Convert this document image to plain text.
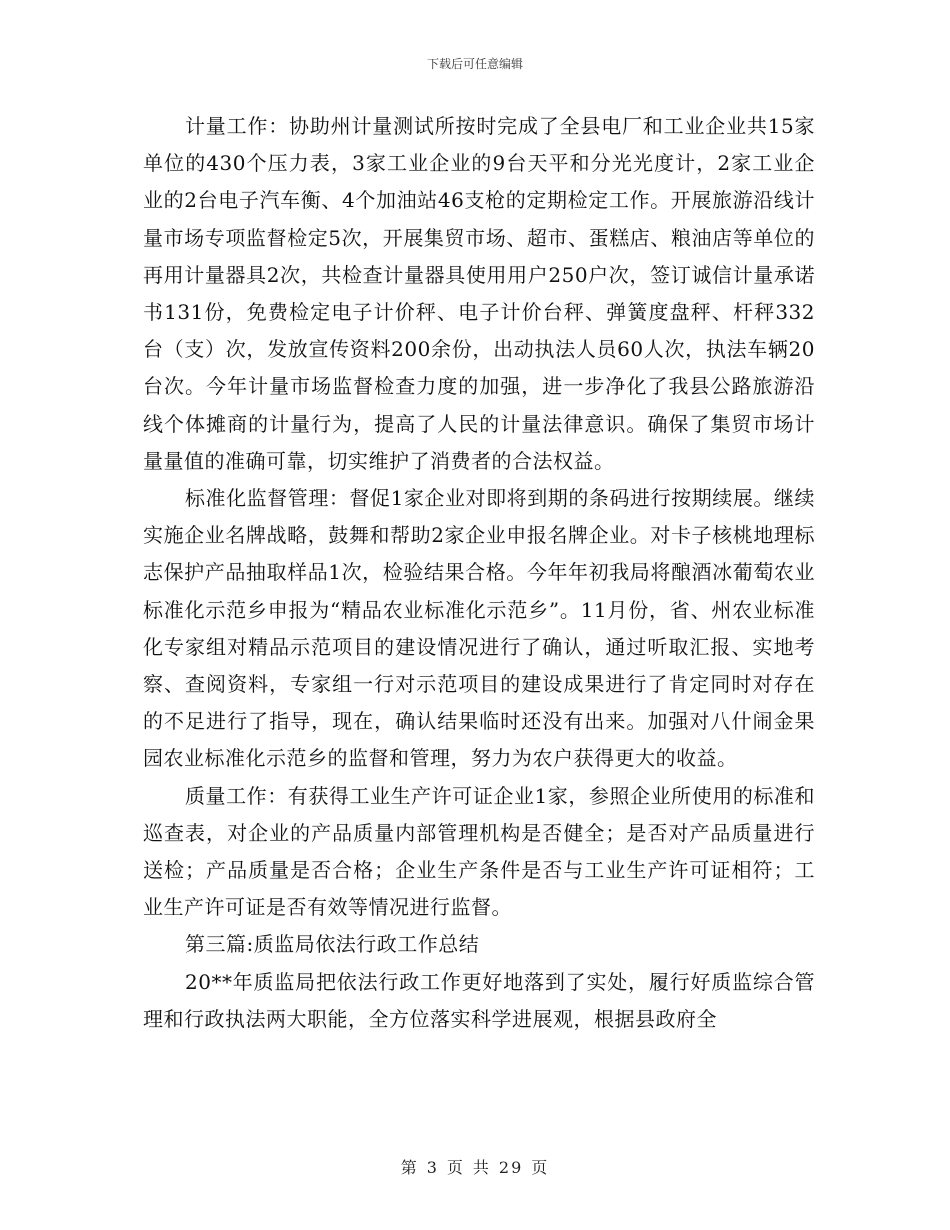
下载后可任意编辑

计量工作：协助州计量测试所按时完成了全县电厂和工业企业共15家单位的430个压力表，3家工业企业的9台天平和分光光度计，2家工业企业的2台电子汽车衡、4个加油站46支枪的定期检定工作。开展旅游沿线计量市场专项监督检定5次，开展集贸市场、超市、蛋糕店、粮油店等单位的再用计量器具2次，共检查计量器具使用用户250户次，签订诚信计量承诺书131份，免费检定电子计价秤、电子计价台秤、弹簧度盘秤、杆秤332台（支）次，发放宣传资料200余份，出动执法人员60人次，执法车辆20台次。今年计量市场监督检查力度的加强，进一步净化了我县公路旅游沿线个体摊商的计量行为，提高了人民的计量法律意识。确保了集贸市场计量量值的准确可靠，切实维护了消费者的合法权益。

标准化监督管理：督促1家企业对即将到期的条码进行按期续展。继续实施企业名牌战略，鼓舞和帮助2家企业申报名牌企业。对卡子核桃地理标志保护产品抽取样品1次，检验结果合格。今年年初我局将酿酒冰葡萄农业标准化示范乡申报为“精品农业标准化示范乡”。11月份，省、州农业标准化专家组对精品示范项目的建设情况进行了确认，通过听取汇报、实地考察、查阅资料，专家组一行对示范项目的建设成果进行了肯定同时对存在的不足进行了指导，现在，确认结果临时还没有出来。加强对八什闹金果园农业标准化示范乡的监督和管理，努力为农户获得更大的收益。

质量工作：有获得工业生产许可证企业1家，参照企业所使用的标准和巡查表，对企业的产品质量内部管理机构是否健全；是否对产品质量进行送检；产品质量是否合格；企业生产条件是否与工业生产许可证相符；工业生产许可证是否有效等情况进行监督。

第三篇:质监局依法行政工作总结

20**年质监局把依法行政工作更好地落到了实处，履行好质监综合管理和行政执法两大职能，全方位落实科学进展观，根据县政府全

第 3 页 共 29 页
